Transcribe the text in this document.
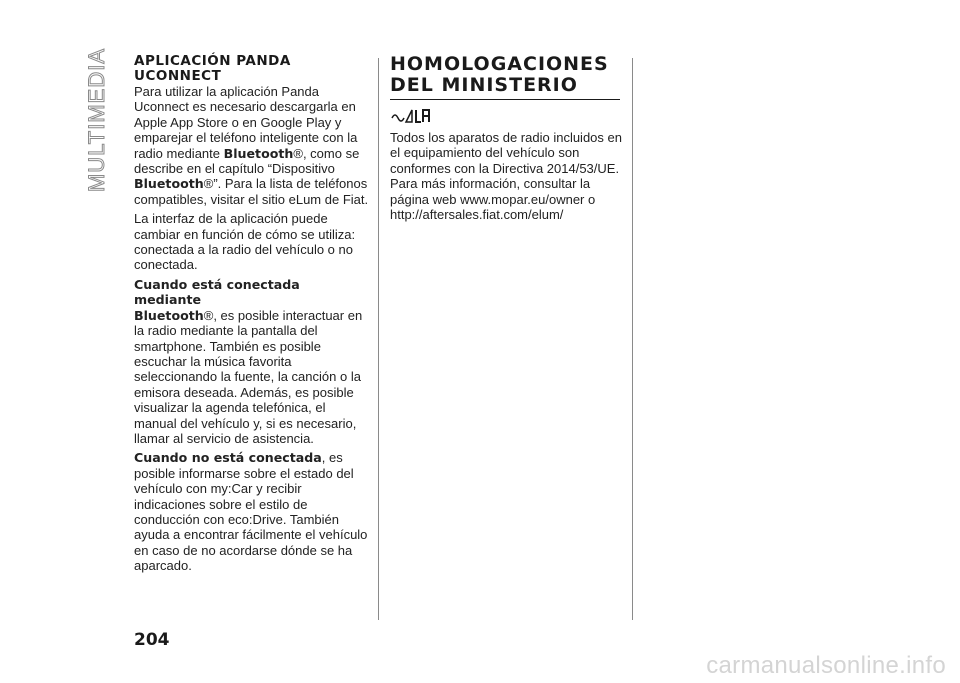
MULTIMEDIA APLICACIÓN PANDA
UCONNECT

Para utilizar la aplicación Panda Uconnect es necesario descargarla en Apple App Store o en Google Play y emparejar el teléfono inteligente con la radio mediante Bluetooth®, como se describe en el capítulo “Dispositivo Bluetooth®”. Para la lista de teléfonos compatibles, visitar el sitio eLum de Fiat.

La interfaz de la aplicación puede cambiar en función de cómo se utiliza: conectada a la radio del vehículo o no conectada.

Cuando está conectada mediante
Bluetooth®, es posible interactuar en la radio mediante la pantalla del smartphone. También es posible escuchar la música favorita seleccionando la fuente, la canción o la emisora deseada. Además, es posible visualizar la agenda telefónica, el manual del vehículo y, si es necesario, llamar al servicio de asistencia.

Cuando no está conectada, es posible informarse sobre el estado del vehículo con my:Car y recibir indicaciones sobre el estilo de conducción con eco:Drive. También ayuda a encontrar fácilmente el vehículo en caso de no acordarse dónde se ha aparcado.

HOMOLOGACIONES
DEL MINISTERIO

Todos los aparatos de radio incluidos en el equipamiento del vehículo son conformes con la Directiva 2014/53/UE. Para más información, consultar la página web www.mopar.eu/owner o http://aftersales.fiat.com/elum/

204
carmanualsonline.info
